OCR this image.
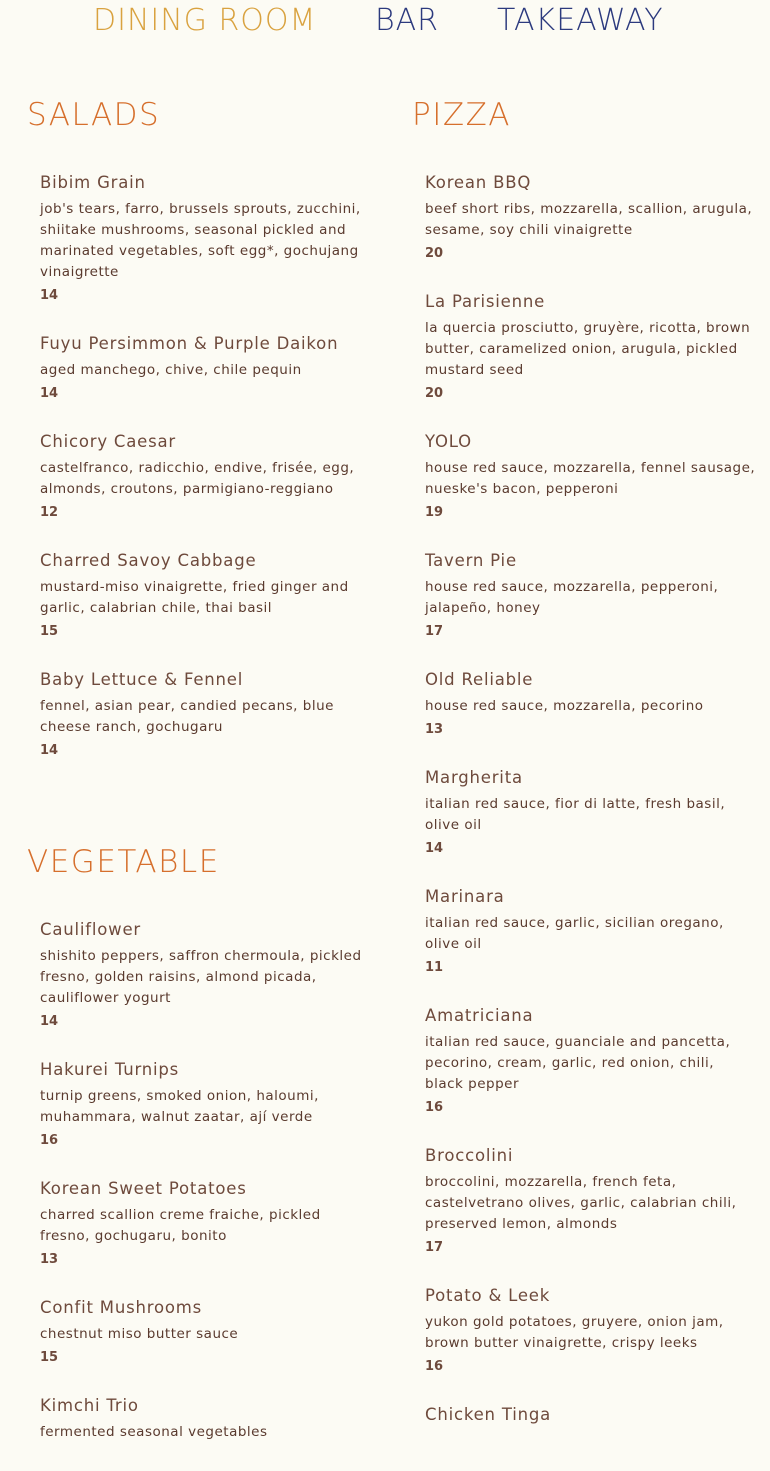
DINING ROOM BAR TAKEAWAY
SALADS
Bibim Grain
job's tears, farro, brussels sprouts, zucchini, shiitake mushrooms, seasonal pickled and marinated vegetables, soft egg*, gochujang vinaigrette
14
Fuyu Persimmon & Purple Daikon
aged manchego, chive, chile pequin
14
Chicory Caesar
castelfranco, radicchio, endive, frisée, egg, almonds, croutons, parmigiano-reggiano
12
Charred Savoy Cabbage
mustard-miso vinaigrette, fried ginger and garlic, calabrian chile, thai basil
15
Baby Lettuce & Fennel
fennel, asian pear, candied pecans, blue cheese ranch, gochugaru
14
VEGETABLE
Cauliflower
shishito peppers, saffron chermoula, pickled fresno, golden raisins, almond picada, cauliflower yogurt
14
Hakurei Turnips
turnip greens, smoked onion, haloumi, muhammara, walnut zaatar, ají verde
16
Korean Sweet Potatoes
charred scallion creme fraiche, pickled fresno, gochugaru, bonito
13
Confit Mushrooms
chestnut miso butter sauce
15
Kimchi Trio
fermented seasonal vegetables
PIZZA
Korean BBQ
beef short ribs, mozzarella, scallion, arugula, sesame, soy chili vinaigrette
20
La Parisienne
la quercia prosciutto, gruyère, ricotta, brown butter, caramelized onion, arugula, pickled mustard seed
20
YOLO
house red sauce, mozzarella, fennel sausage, nueske's bacon, pepperoni
19
Tavern Pie
house red sauce, mozzarella, pepperoni, jalapeño, honey
17
Old Reliable
house red sauce, mozzarella, pecorino
13
Margherita
italian red sauce, fior di latte, fresh basil, olive oil
14
Marinara
italian red sauce, garlic, sicilian oregano, olive oil
11
Amatriciana
italian red sauce, guanciale and pancetta, pecorino, cream, garlic, red onion, chili, black pepper
16
Broccolini
broccolini, mozzarella, french feta, castelvetrano olives, garlic, calabrian chili, preserved lemon, almonds
17
Potato & Leek
yukon gold potatoes, gruyere, onion jam, brown butter vinaigrette, crispy leeks
16
Chicken Tinga
